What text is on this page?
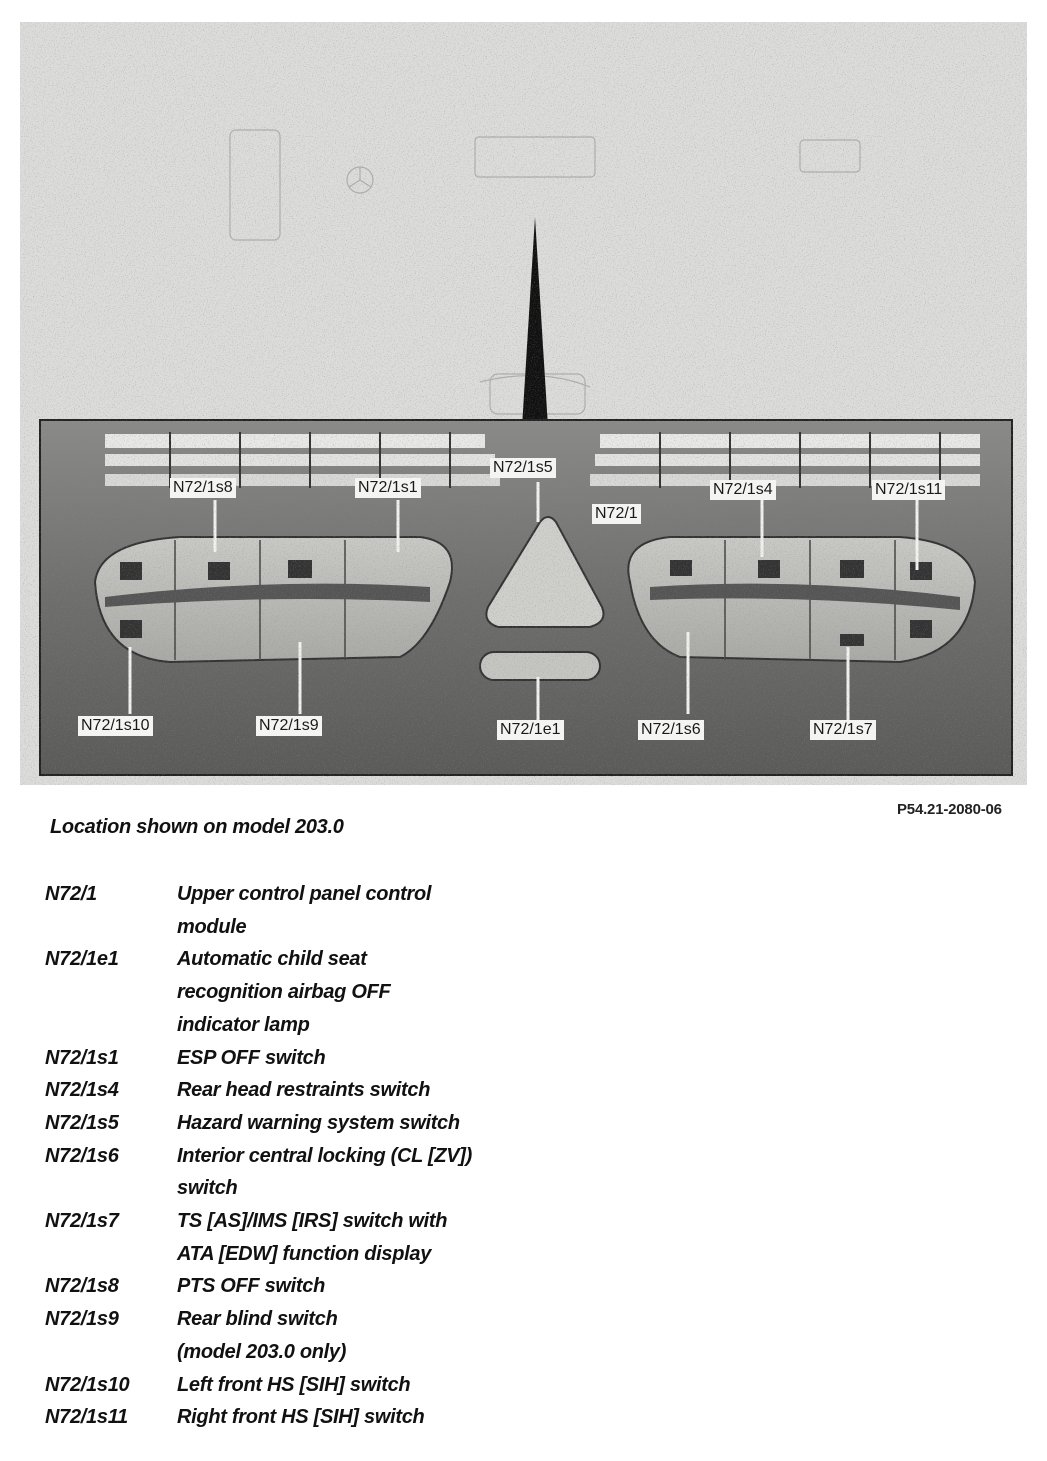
N72/1s8	N72/1s1
N72/1s5
N72/1
N72/1s4	N72/1s11
N72/1s10	N72/1s9	N72/1e1	N72/1s6	N72/1s7
P54.21-2080-06
Location shown on model 203.0
N72/1	Upper control panel control
module
N72/1e1	Automatic child seat
recognition airbag OFF
indicator lamp
N72/1s1	ESP OFF switch
N72/1s4	Rear head restraints switch
N72/1s5	Hazard warning system switch
N72/1s6	Interior central locking (CL [ZV])
switch
N72/1s7	TS [AS]/IMS [IRS] switch with
ATA [EDW] function display
N72/1s8	PTS OFF switch
N72/1s9	Rear blind switch
(model 203.0 only)
N72/1s10	Left front HS [SIH] switch
N72/1s11	Right front HS [SIH] switch
